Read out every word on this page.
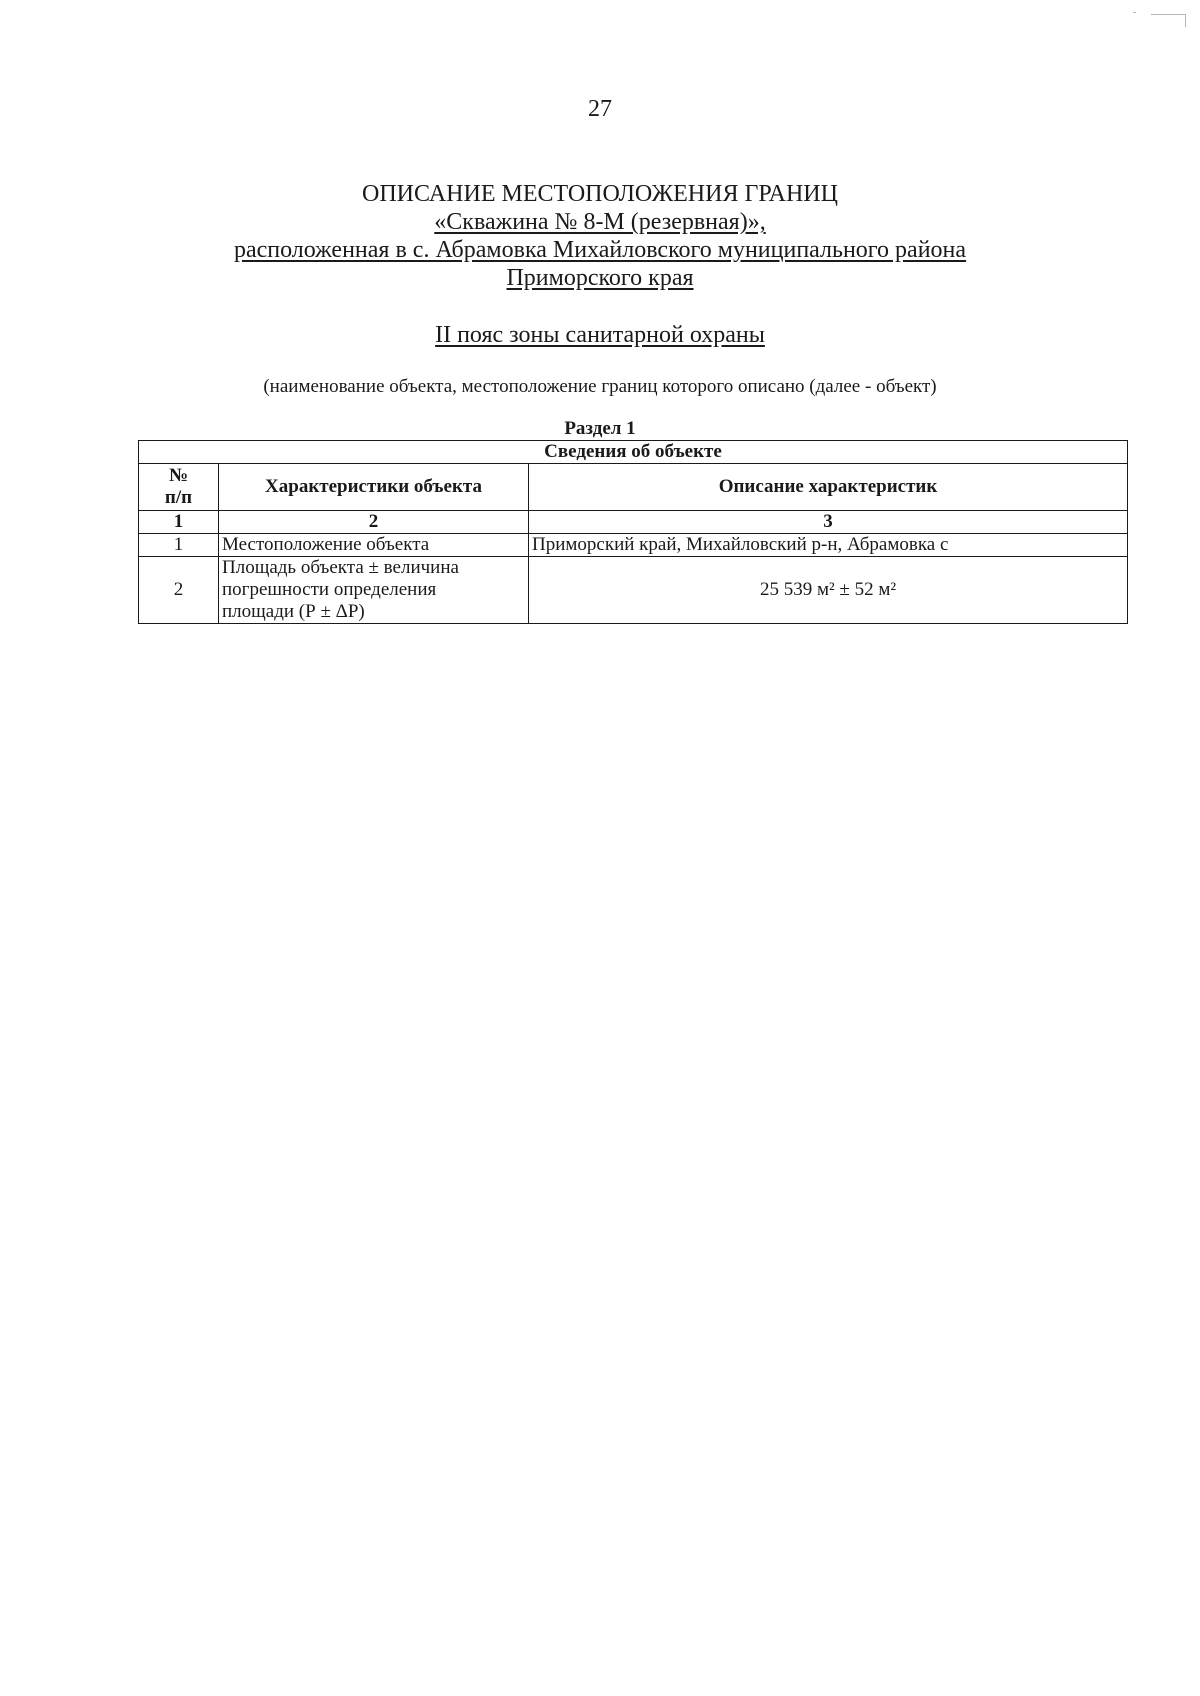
27
ОПИСАНИЕ МЕСТОПОЛОЖЕНИЯ ГРАНИЦ
«Скважина № 8-М (резервная)»,
расположенная в с. Абрамовка Михайловского муниципального района
Приморского края
II пояс зоны санитарной охраны
(наименование объекта, местоположение границ которого описано (далее - объект)
Раздел 1
Сведения об объекте		

№
п/п	Характеристики объекта	Описание характеристик
1	2	3
1	Местоположение объекта	Приморский край, Михайловский р-н, Абрамовка с
2	Площадь объекта ± величина
погрешности определения
площади (Р ± ΔР)	25 539 м² ± 52 м²
